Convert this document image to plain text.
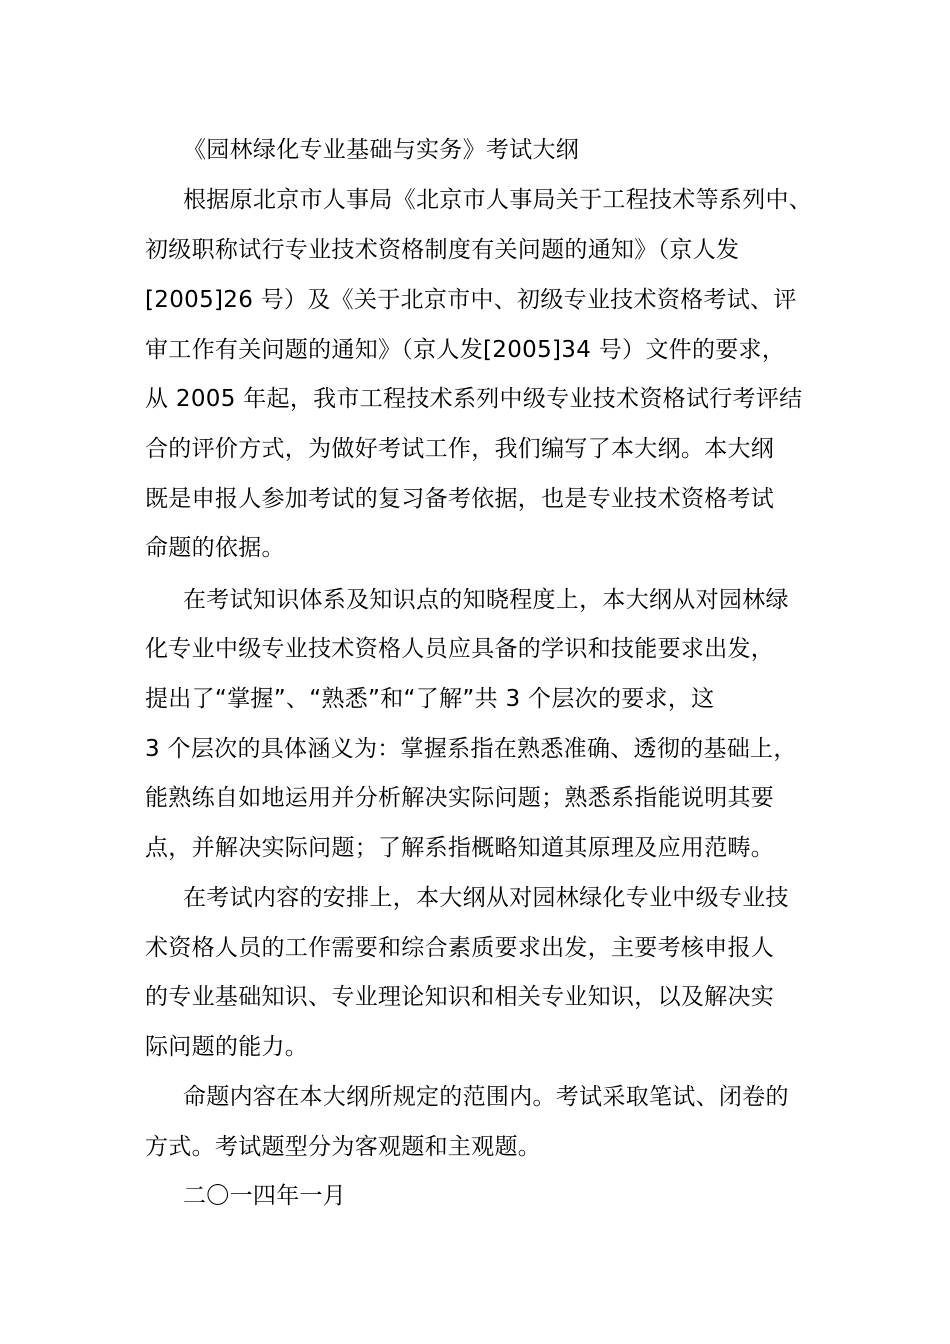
《园林绿化专业基础与实务》考试大纲

根据原北京市人事局《北京市人事局关于工程技术等系列中、

初级职称试行专业技术资格制度有关问题的通知》（京人发

[2005]26 号）及《关于北京市中、初级专业技术资格考试、评

审工作有关问题的通知》（京人发[2005]34 号）文件的要求，

从 2005 年起，我市工程技术系列中级专业技术资格试行考评结

合的评价方式，为做好考试工作，我们编写了本大纲。本大纲

既是申报人参加考试的复习备考依据，也是专业技术资格考试

命题的依据。

在考试知识体系及知识点的知晓程度上，本大纲从对园林绿

化专业中级专业技术资格人员应具备的学识和技能要求出发，

提出了“掌握”、“熟悉”和“了解”共 3 个层次的要求，这

3 个层次的具体涵义为：掌握系指在熟悉准确、透彻的基础上，

能熟练自如地运用并分析解决实际问题；熟悉系指能说明其要

点，并解决实际问题；了解系指概略知道其原理及应用范畴。

在考试内容的安排上，本大纲从对园林绿化专业中级专业技

术资格人员的工作需要和综合素质要求出发，主要考核申报人

的专业基础知识、专业理论知识和相关专业知识，以及解决实

际问题的能力。

命题内容在本大纲所规定的范围内。考试采取笔试、闭卷的

方式。考试题型分为客观题和主观题。

二〇一四年一月
